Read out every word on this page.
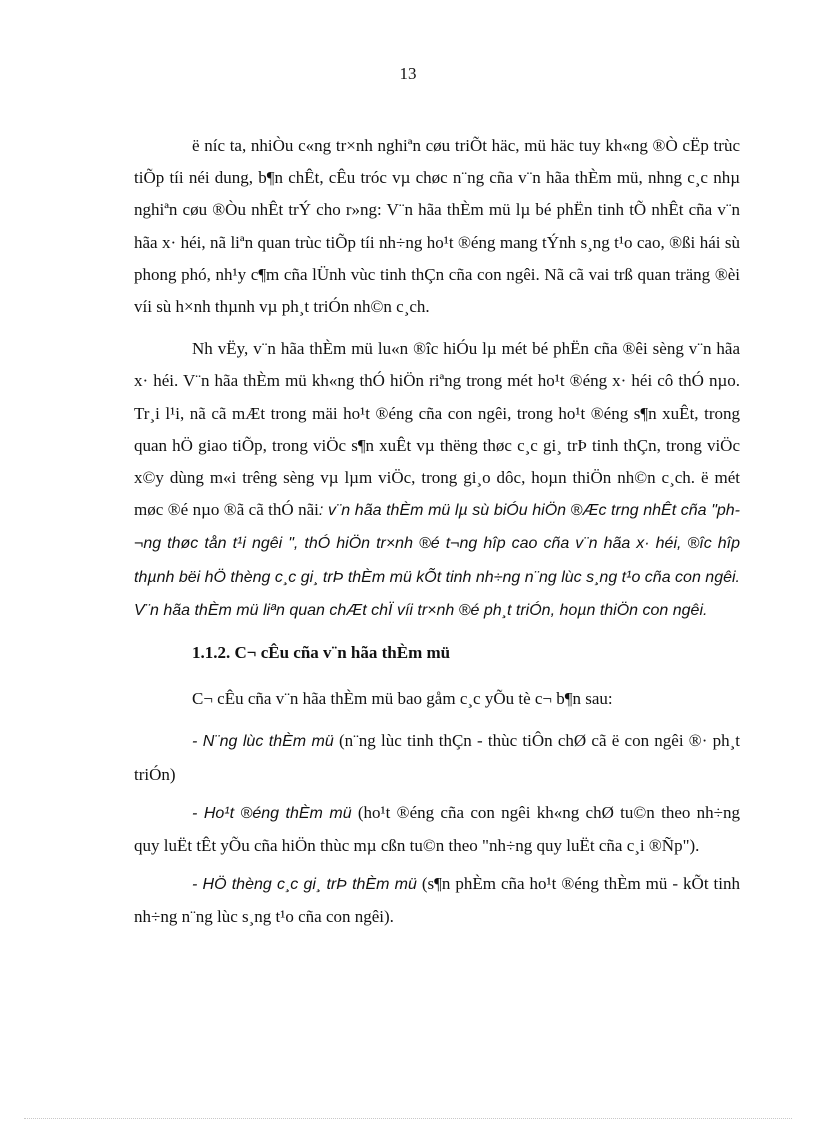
13

ë níc ta, nhiÒu c«ng tr×nh nghiªn cøu triÕt häc, mü häc tuy kh«ng ®Ò cËp trùc tiÕp tíi néi dung, b¶n chÊt, cÊu tróc vµ chøc n¨ng cña v¨n hãa thÈm mü, nhng c¸c nhµ nghiªn cøu ®Òu nhÊt trÝ cho r»ng: V¨n hãa thÈm mü lµ bé phËn tinh tÕ nhÊt cña v¨n hãa x· héi, nã liªn quan trùc tiÕp tíi nh÷ng ho¹t ®éng mang tÝnh s¸ng t¹o cao, ®ßi hái sù phong phó, nh¹y c¶m cña lÜnh vùc tinh thÇn cña con ngêi. Nã cã vai trß quan träng ®èi víi sù h×nh thµnh vµ ph¸t triÓn nh©n c¸ch.

Nh vËy, v¨n hãa thÈm mü lu«n ®îc hiÓu lµ mét bé phËn cña ®êi sèng v¨n hãa x· héi. V¨n hãa thÈm mü kh«ng thÓ hiÖn riªng trong mét ho¹t ®éng x· héi cô thÓ nµo. Tr¸i l¹i, nã cã mÆt trong mäi ho¹t ®éng cña con ngêi, trong ho¹t ®éng s¶n xuÊt, trong quan hÖ giao tiÕp, trong viÖc s¶n xuÊt vµ thëng thøc c¸c gi¸ trÞ tinh thÇn, trong viÖc x©y dùng m«i trêng sèng vµ lµm viÖc, trong gi¸o dôc, hoµn thiÖn nh©n c¸ch. ë mét møc ®é nµo ®ã cã thÓ nãi: v¨n hãa thÈm mü lµ sù biÓu hiÖn ®Æc trng nhÊt cña "ph¬ng thøc tån t¹i ngêi ", thÓ hiÖn tr×nh ®é t¬ng hîp cao cña v¨n hãa x· héi, ®îc hîp thµnh bëi hÖ thèng c¸c gi¸ trÞ thÈm mü kÕt tinh nh÷ng n¨ng lùc s¸ng t¹o cña con ngêi. V¨n hãa thÈm mü liªn quan chÆt chÏ víi tr×nh ®é ph¸t triÓn, hoµn thiÖn con ngêi.

1.1.2. C¬ cÊu cña v¨n hãa thÈm mü

C¬ cÊu cña v¨n hãa thÈm mü bao gåm c¸c yÕu tè c¬ b¶n sau:

- N¨ng lùc thÈm mü (n¨ng lùc tinh thÇn - thùc tiÔn chØ cã ë con ngêi ®· ph¸t triÓn)

- Ho¹t ®éng thÈm mü (ho¹t ®éng cña con ngêi kh«ng chØ tu©n theo nh÷ng quy luËt tÊt yÕu cña hiÖn thùc mµ cßn tu©n theo "nh÷ng quy luËt cña c¸i ®Ñp").

- HÖ thèng c¸c gi¸ trÞ thÈm mü (s¶n phÈm cña ho¹t ®éng thÈm mü - kÕt tinh nh÷ng n¨ng lùc s¸ng t¹o cña con ngêi).
